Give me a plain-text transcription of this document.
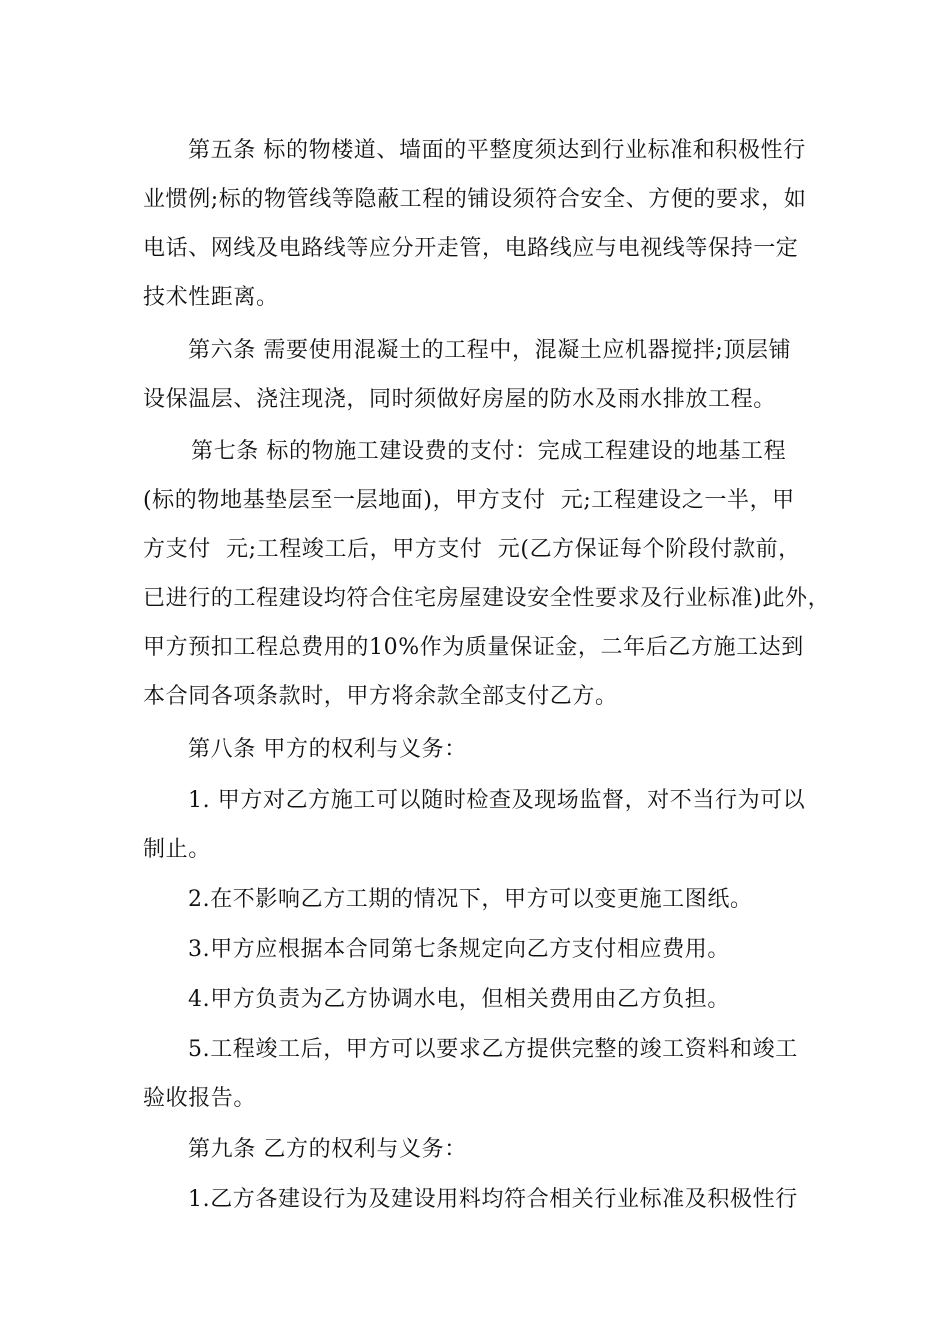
第五条 标的物楼道、墙面的平整度须达到行业标准和积极性行
业惯例;标的物管线等隐蔽工程的铺设须符合安全、方便的要求，如
电话、网线及电路线等应分开走管，电路线应与电视线等保持一定
技术性距离。
第六条 需要使用混凝土的工程中，混凝土应机器搅拌;顶层铺
设保温层、浇注现浇，同时须做好房屋的防水及雨水排放工程。
第七条 标的物施工建设费的支付：完成工程建设的地基工程
(标的物地基垫层至一层地面)，甲方支付  元;工程建设之一半，甲
方支付  元;工程竣工后，甲方支付  元(乙方保证每个阶段付款前，
已进行的工程建设均符合住宅房屋建设安全性要求及行业标准)此外，
甲方预扣工程总费用的10%作为质量保证金，二年后乙方施工达到
本合同各项条款时，甲方将余款全部支付乙方。
第八条 甲方的权利与义务：
1. 甲方对乙方施工可以随时检查及现场监督，对不当行为可以
制止。
2.在不影响乙方工期的情况下，甲方可以变更施工图纸。
3.甲方应根据本合同第七条规定向乙方支付相应费用。
4.甲方负责为乙方协调水电，但相关费用由乙方负担。
5.工程竣工后，甲方可以要求乙方提供完整的竣工资料和竣工
验收报告。
第九条 乙方的权利与义务：
1.乙方各建设行为及建设用料均符合相关行业标准及积极性行
